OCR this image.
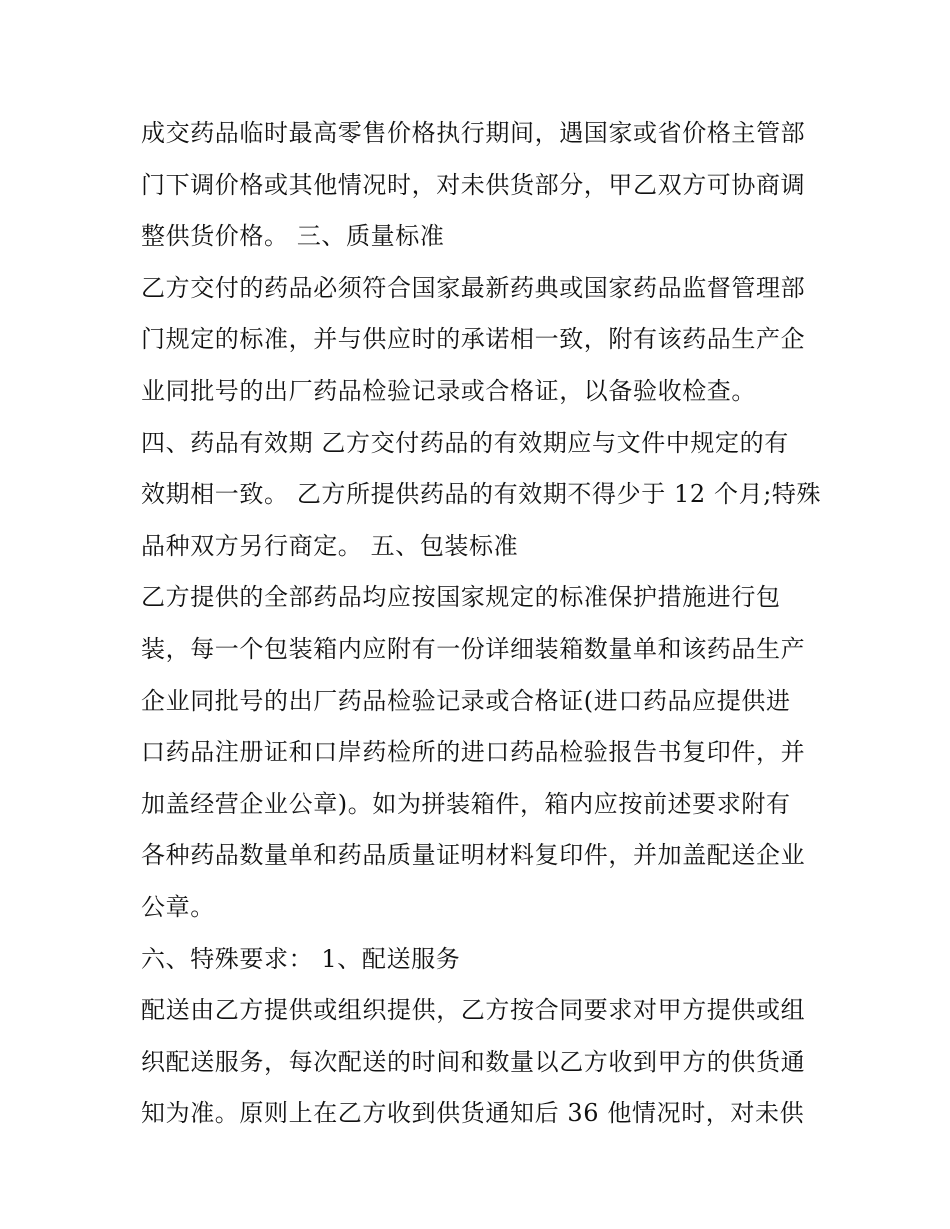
成交药品临时最高零售价格执行期间，遇国家或省价格主管部
门下调价格或其他情况时，对未供货部分，甲乙双方可协商调
整供货价格。 三、质量标准
乙方交付的药品必须符合国家最新药典或国家药品监督管理部
门规定的标准，并与供应时的承诺相一致，附有该药品生产企
业同批号的出厂药品检验记录或合格证，以备验收检查。
四、药品有效期 乙方交付药品的有效期应与文件中规定的有
效期相一致。 乙方所提供药品的有效期不得少于 12 个月;特殊
品种双方另行商定。 五、包装标准
乙方提供的全部药品均应按国家规定的标准保护措施进行包
装，每一个包装箱内应附有一份详细装箱数量单和该药品生产
企业同批号的出厂药品检验记录或合格证(进口药品应提供进
口药品注册证和口岸药检所的进口药品检验报告书复印件，并
加盖经营企业公章)。如为拼装箱件，箱内应按前述要求附有
各种药品数量单和药品质量证明材料复印件，并加盖配送企业
公章。
六、特殊要求： 1、配送服务
配送由乙方提供或组织提供，乙方按合同要求对甲方提供或组
织配送服务，每次配送的时间和数量以乙方收到甲方的供货通
知为准。原则上在乙方收到供货通知后 36 他情况时，对未供
